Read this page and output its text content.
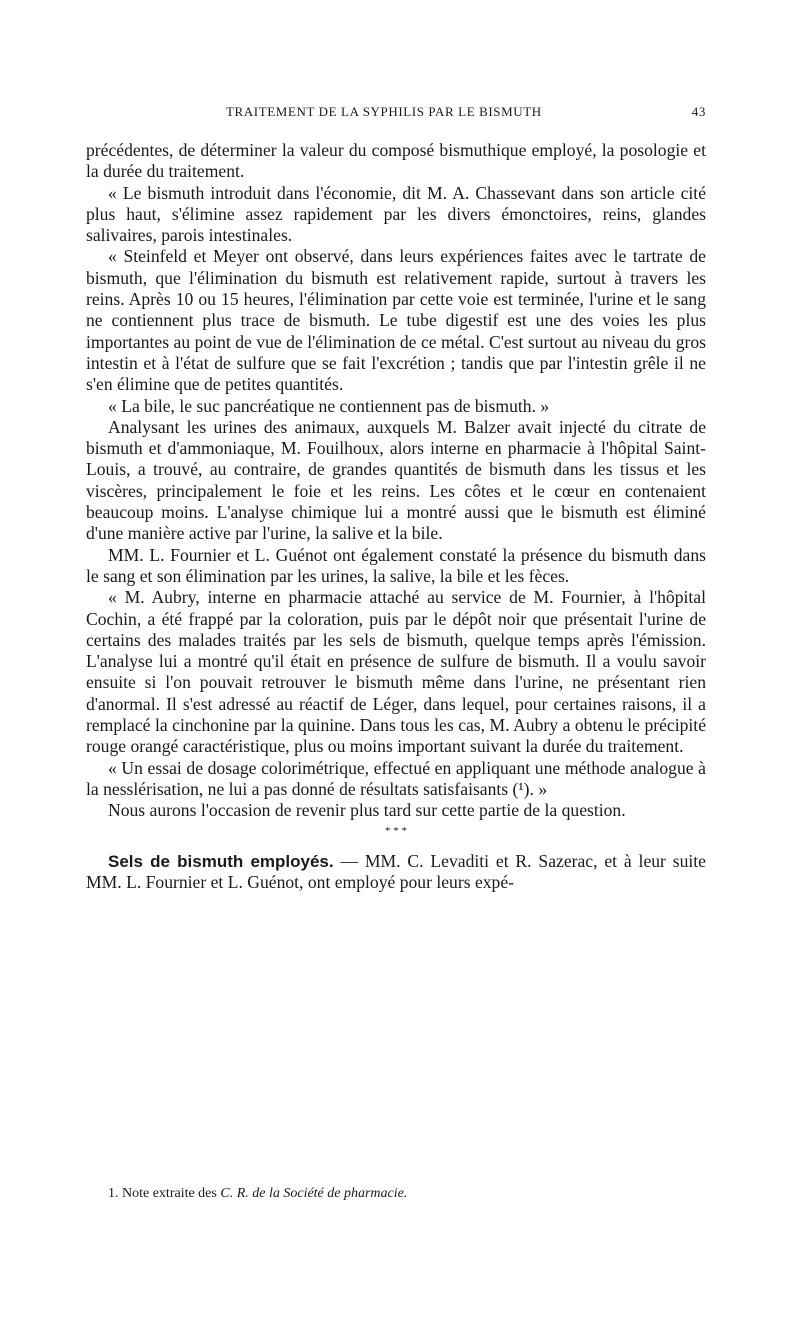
TRAITEMENT DE LA SYPHILIS PAR LE BISMUTH	43

précédentes, de déterminer la valeur du composé bismuthique employé, la posologie et la durée du traitement.

« Le bismuth introduit dans l'économie, dit M. A. Chassevant dans son article cité plus haut, s'élimine assez rapidement par les divers émonctoires, reins, glandes salivaires, parois intestinales.

« Steinfeld et Meyer ont observé, dans leurs expériences faites avec le tartrate de bismuth, que l'élimination du bismuth est relativement rapide, surtout à travers les reins. Après 10 ou 15 heures, l'élimination par cette voie est terminée, l'urine et le sang ne contiennent plus trace de bismuth. Le tube digestif est une des voies les plus importantes au point de vue de l'élimination de ce métal. C'est surtout au niveau du gros intestin et à l'état de sulfure que se fait l'excrétion ; tandis que par l'intestin grêle il ne s'en élimine que de petites quantités.

« La bile, le suc pancréatique ne contiennent pas de bismuth. »

Analysant les urines des animaux, auxquels M. Balzer avait injecté du citrate de bismuth et d'ammoniaque, M. Fouilhoux, alors interne en pharmacie à l'hôpital Saint-Louis, a trouvé, au contraire, de grandes quantités de bismuth dans les tissus et les viscères, principalement le foie et les reins. Les côtes et le cœur en contenaient beaucoup moins. L'analyse chimique lui a montré aussi que le bismuth est éliminé d'une manière active par l'urine, la salive et la bile.

MM. L. Fournier et L. Guénot ont également constaté la présence du bismuth dans le sang et son élimination par les urines, la salive, la bile et les fèces.

« M. Aubry, interne en pharmacie attaché au service de M. Fournier, à l'hôpital Cochin, a été frappé par la coloration, puis par le dépôt noir que présentait l'urine de certains des malades traités par les sels de bismuth, quelque temps après l'émission. L'analyse lui a montré qu'il était en présence de sulfure de bismuth. Il a voulu savoir ensuite si l'on pouvait retrouver le bismuth même dans l'urine, ne présentant rien d'anormal. Il s'est adressé au réactif de Léger, dans lequel, pour certaines raisons, il a remplacé la cinchonine par la quinine. Dans tous les cas, M. Aubry a obtenu le précipité rouge orangé caractéristique, plus ou moins important suivant la durée du traitement.

« Un essai de dosage colorimétrique, effectué en appliquant une méthode analogue à la nesslérisation, ne lui a pas donné de résultats satisfaisants (¹). »

Nous aurons l'occasion de revenir plus tard sur cette partie de la question.

* * *

Sels de bismuth employés. — MM. C. Levaditi et R. Sazerac, et à leur suite MM. L. Fournier et L. Guénot, ont employé pour leurs expé-

1. Note extraite des C. R. de la Société de pharmacie.
